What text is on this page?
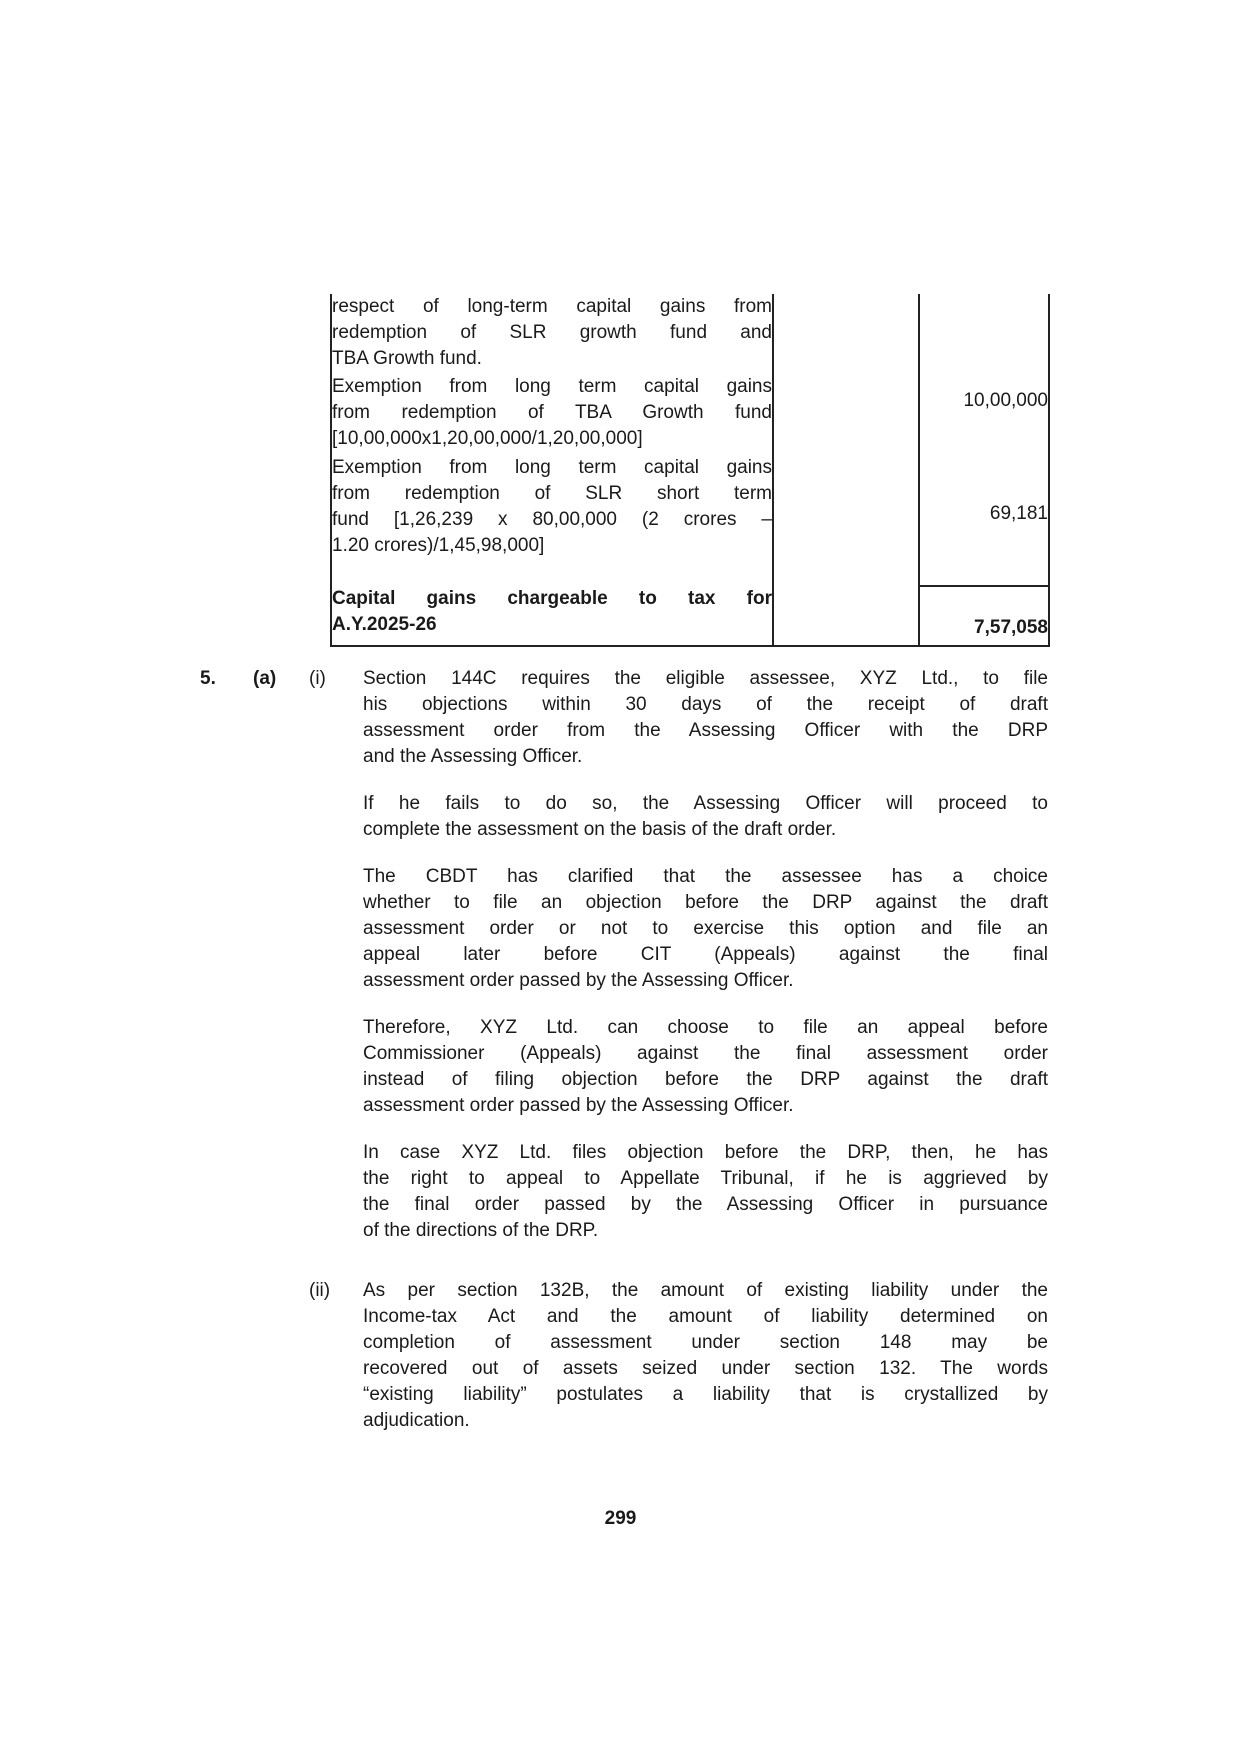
respect of long-term capital gains from
redemption of SLR growth fund and
TBA Growth fund.		

Exemption from long term capital gains
from redemption of TBA Growth fund
[10,00,000x1,20,00,000/1,20,00,000]		10,00,000

Exemption from long term capital gains
from redemption of SLR short term
fund [1,26,239 x 80,00,000 (2 crores –
1.20 crores)/1,45,98,000]		69,181

Capital gains chargeable to tax for
A.Y.2025-26		7,57,058
5. (a) (i) Section 144C requires the eligible assessee, XYZ Ltd., to file
his objections within 30 days of the receipt of draft
assessment order from the Assessing Officer with the DRP
and the Assessing Officer.
If he fails to do so, the Assessing Officer will proceed to
complete the assessment on the basis of the draft order.
The CBDT has clarified that the assessee has a choice
whether to file an objection before the DRP against the draft
assessment order or not to exercise this option and file an
appeal later before CIT (Appeals) against the final
assessment order passed by the Assessing Officer.
Therefore, XYZ Ltd. can choose to file an appeal before
Commissioner (Appeals) against the final assessment order
instead of filing objection before the DRP against the draft
assessment order passed by the Assessing Officer.
In case XYZ Ltd. files objection before the DRP, then, he has
the right to appeal to Appellate Tribunal, if he is aggrieved by
the final order passed by the Assessing Officer in pursuance
of the directions of the DRP.
(ii) As per section 132B, the amount of existing liability under the
Income-tax Act and the amount of liability determined on
completion of assessment under section 148 may be
recovered out of assets seized under section 132. The words
“existing liability” postulates a liability that is crystallized by
adjudication.
299
